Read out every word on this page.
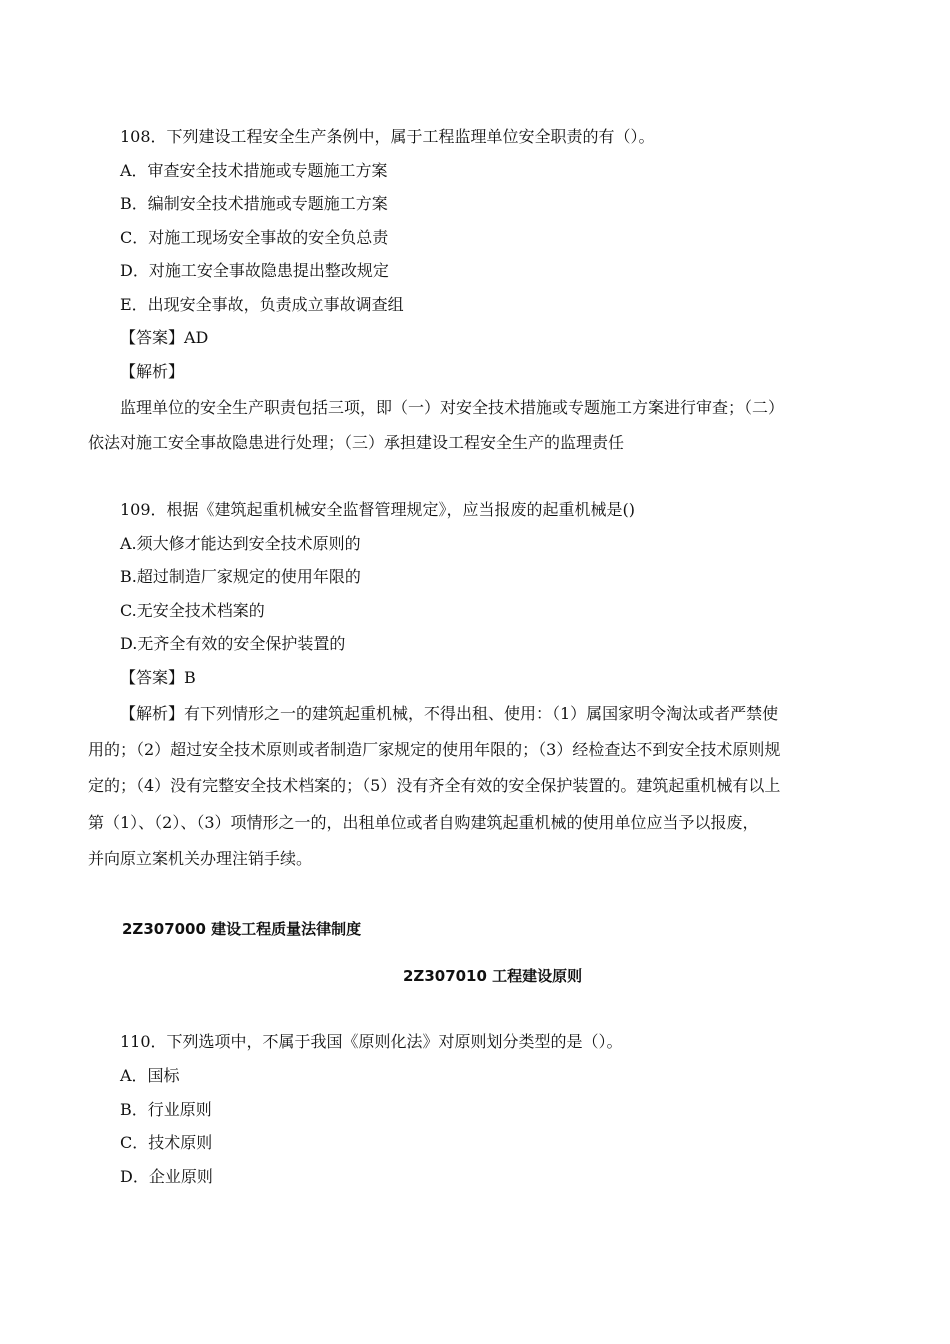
108．下列建设工程安全生产条例中，属于工程监理单位安全职责的有（）。
A．审查安全技术措施或专题施工方案
B．编制安全技术措施或专题施工方案
C．对施工现场安全事故的安全负总责
D．对施工安全事故隐患提出整改规定
E．出现安全事故，负责成立事故调查组
【答案】AD
【解析】
监理单位的安全生产职责包括三项，即（一）对安全技术措施或专题施工方案进行审查；（二）
依法对施工安全事故隐患进行处理；（三）承担建设工程安全生产的监理责任
109．根据《建筑起重机械安全监督管理规定》，应当报废的起重机械是()
A.须大修才能达到安全技术原则的
B.超过制造厂家规定的使用年限的
C.无安全技术档案的
D.无齐全有效的安全保护装置的
【答案】B
【解析】有下列情形之一的建筑起重机械，不得出租、使用：（1）属国家明令淘汰或者严禁使
用的；（2）超过安全技术原则或者制造厂家规定的使用年限的；（3）经检查达不到安全技术原则规
定的；（4）没有完整安全技术档案的；（5）没有齐全有效的安全保护装置的。建筑起重机械有以上
第（1）、（2）、（3）项情形之一的，出租单位或者自购建筑起重机械的使用单位应当予以报废，
并向原立案机关办理注销手续。
2Z307000 建设工程质量法律制度
2Z307010 工程建设原则
110．下列选项中，不属于我国《原则化法》对原则划分类型的是（）。
A．国标
B．行业原则
C．技术原则
D．企业原则
